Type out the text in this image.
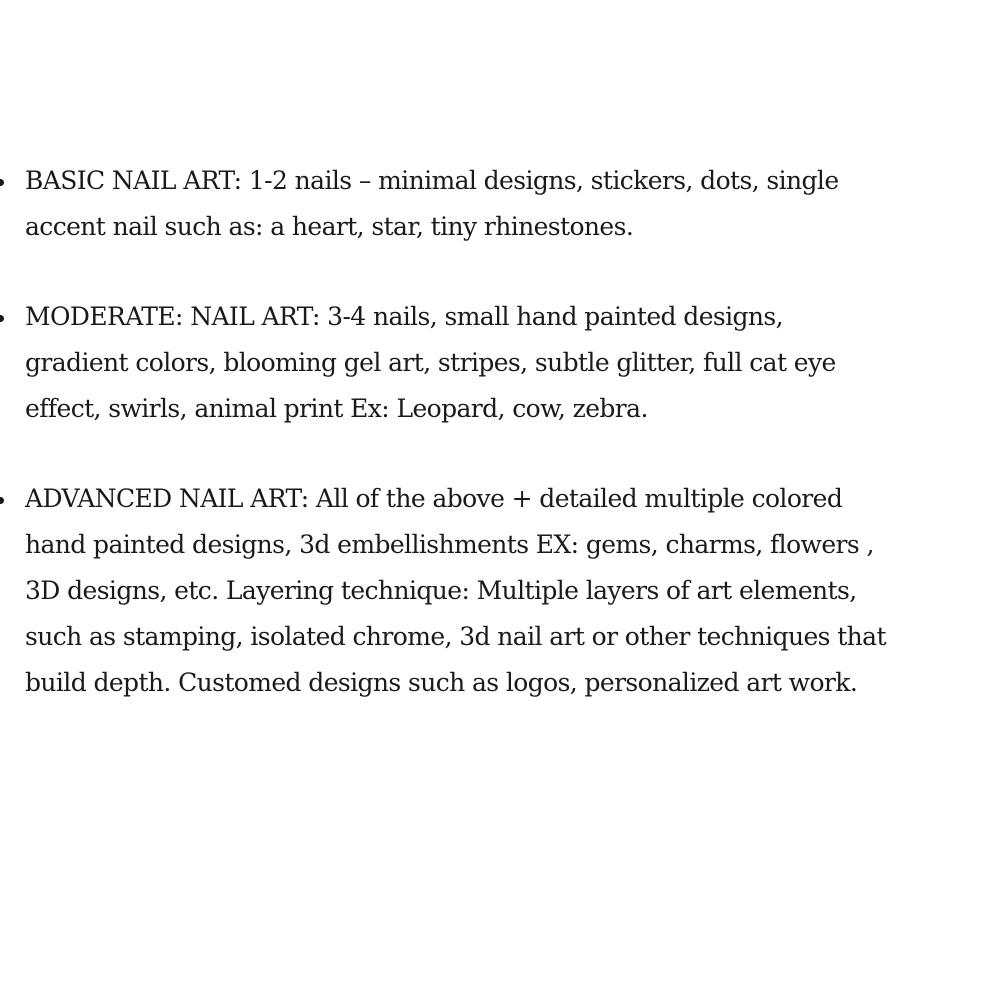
BASIC NAIL ART: 1-2 nails – minimal designs, stickers, dots, single
accent nail such as: a heart, star, tiny rhinestones.
MODERATE: NAIL ART: 3-4 nails, small hand painted designs,
gradient colors, blooming gel art, stripes, subtle glitter, full cat eye
effect, swirls, animal print Ex: Leopard, cow, zebra.
ADVANCED NAIL ART: All of the above + detailed multiple colored
hand painted designs, 3d embellishments EX: gems, charms, flowers ,
3D designs, etc. Layering technique: Multiple layers of art elements,
such as stamping, isolated chrome, 3d nail art or other techniques that
build depth. Customed designs such as logos, personalized art work.
